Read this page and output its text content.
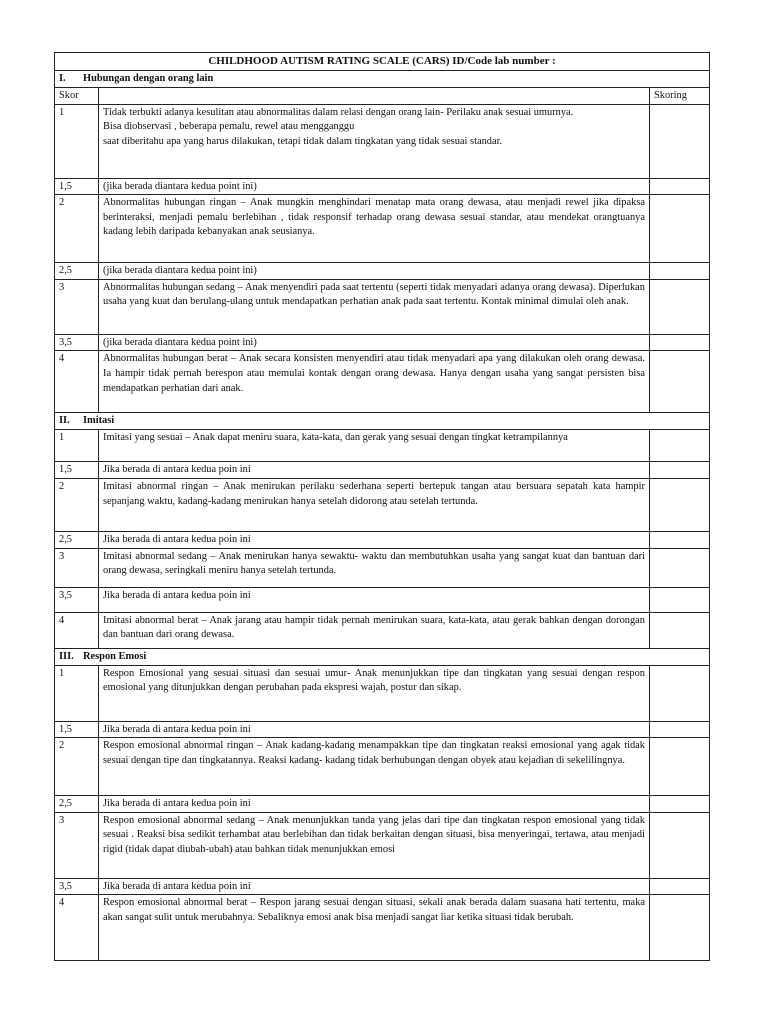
CHILDHOOD AUTISM RATING SCALE (CARS) ID/Code lab number :		
I. Hubungan dengan orang lain		
Skor		Skoring
1	Tidak terbukti adanya kesulitan atau abnormalitas dalam relasi dengan orang lain- Perilaku anak sesuai umurnya.
Bisa diobservasi , beberapa pemalu, rewel atau mengganggu
saat diberitahu apa yang harus dilakukan, tetapi tidak dalam tingkatan yang tidak sesuai standar.	

1,5	(jika berada diantara kedua point ini)	
2	Abnormalitas hubungan ringan – Anak mungkin menghindari menatap mata orang dewasa, atau menjadi rewel jika dipaksa berinteraksi, menjadi pemalu berlebihan , tidak responsif terhadap orang dewasa sesuai standar, atau mendekat orangtuanya kadang lebih daripada kebanyakan anak seusianya.	
2,5	(jika berada diantara kedua point ini)	
3	Abnormalitas hubungan sedang – Anak menyendiri pada saat tertentu (seperti tidak menyadari adanya orang dewasa). Diperlukan usaha yang kuat dan berulang-ulang untuk mendapatkan perhatian anak pada saat tertentu. Kontak minimal dimulai oleh anak.	
3,5	(jika berada diantara kedua point ini)	
4	Abnormalitas hubungan berat – Anak secara konsisten menyendiri atau tidak menyadari apa yang dilakukan oleh orang dewasa. Ia hampir tidak pernah berespon atau memulai kontak dengan orang dewasa. Hanya dengan usaha yang sangat persisten bisa mendapatkan perhatian dari anak.	
II. Imitasi		
1	Imitasi yang sesuai – Anak dapat meniru suara, kata-kata, dan gerak yang sesuai dengan tingkat ketrampilannya	
1,5	Jika berada di antara kedua poin ini	
2	Imitasi abnormal ringan – Anak menirukan perilaku sederhana seperti bertepuk tangan atau bersuara sepatah kata hampir sepanjang waktu, kadang-kadang menirukan hanya setelah didorong atau setelah tertunda.	
2,5	Jika berada di antara kedua poin ini	
3	Imitasi abnormal sedang – Anak menirukan hanya sewaktu- waktu dan membutuhkan usaha yang sangat kuat dan bantuan dari orang dewasa, seringkali meniru hanya setelah tertunda.	
3,5	Jika berada di antara kedua poin ini	
4	Imitasi abnormal berat – Anak jarang atau hampir tidak pernah menirukan suara, kata-kata, atau gerak bahkan dengan dorongan dan bantuan dari orang dewasa.	
III. Respon Emosi		
1	Respon Emosional yang sesuai situasi dan sesuai umur- Anak menunjukkan tipe dan tingkatan yang sesuai dengan respon emosional yang ditunjukkan dengan perubahan pada ekspresi wajah, postur dan sikap.	
1,5	Jika berada di antara kedua poin ini	
2	Respon emosional abnormal ringan – Anak kadang-kadang menampakkan tipe dan tingkatan reaksi emosional yang agak tidak sesuai dengan tipe dan tingkatannya. Reaksi kadang- kadang tidak berhubungan dengan obyek atau kejadian di sekelilingnya.	
2,5	Jika berada di antara kedua poin ini	
3	Respon emosional abnormal sedang – Anak menunjukkan tanda yang jelas dari tipe dan tingkatan respon emosional yang tidak sesuai . Reaksi bisa sedikit terhambat atau berlebihan dan tidak berkaitan dengan situasi, bisa menyeringai, tertawa, atau menjadi rigid (tidak dapat diubah-ubah) atau bahkan tidak menunjukkan emosi	
3,5	Jika berada di antara kedua poin ini	
4	Respon emosional abnormal berat – Respon jarang sesuai dengan situasi, sekali anak berada dalam suasana hati tertentu, maka akan sangat sulit untuk merubahnya. Sebaliknya emosi anak bisa menjadi sangat liar ketika situasi tidak berubah.	
